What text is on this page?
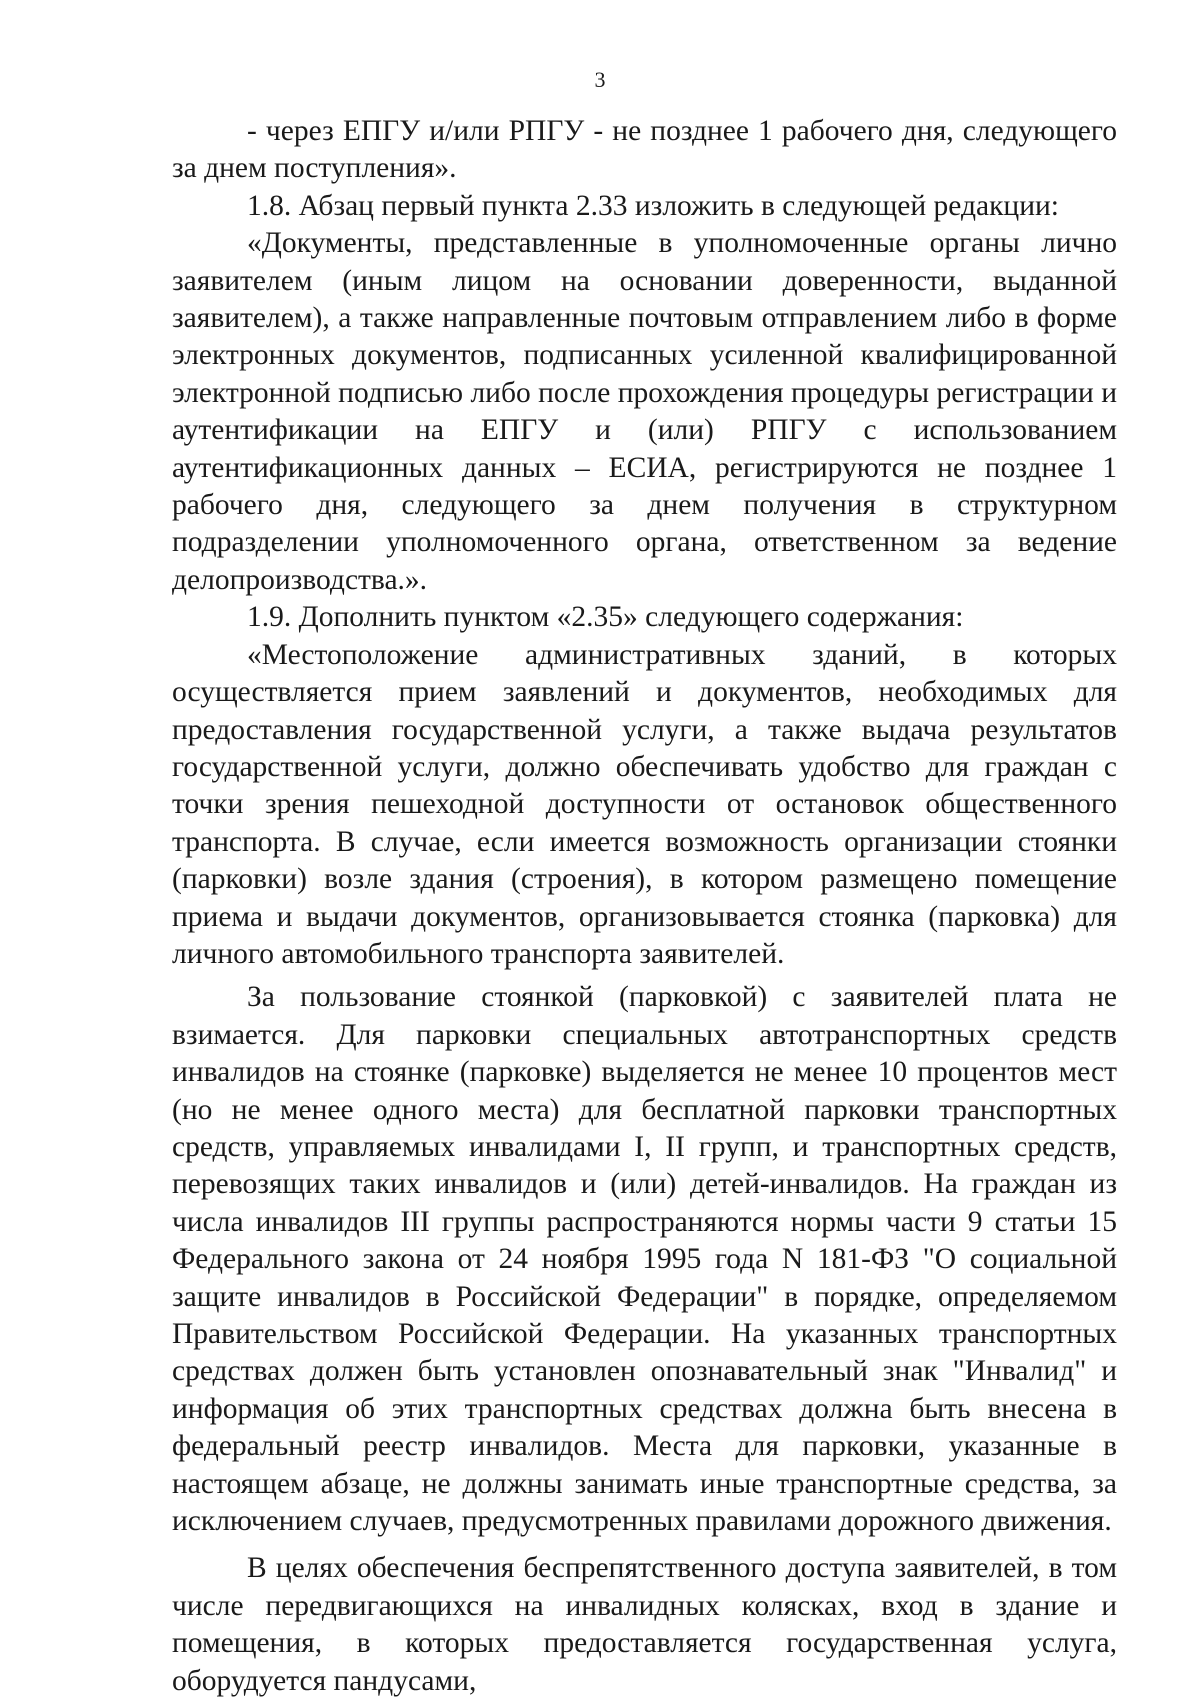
3

- через ЕПГУ и/или РПГУ - не позднее 1 рабочего дня, следующего за днем поступления».

1.8. Абзац первый пункта 2.33 изложить в следующей редакции:

«Документы, представленные в уполномоченные органы лично заявителем (иным лицом на основании доверенности, выданной заявителем), а также направленные почтовым отправлением либо в форме электронных документов, подписанных усиленной квалифицированной электронной подписью либо после прохождения процедуры регистрации и аутентификации на ЕПГУ и (или) РПГУ с использованием аутентификационных данных – ЕСИА, регистрируются не позднее 1 рабочего дня, следующего за днем получения в структурном подразделении уполномоченного органа, ответственном за ведение делопроизводства.».

1.9. Дополнить пунктом «2.35» следующего содержания:

«Местоположение административных зданий, в которых осуществляется прием заявлений и документов, необходимых для предоставления государственной услуги, а также выдача результатов государственной услуги, должно обеспечивать удобство для граждан с точки зрения пешеходной доступности от остановок общественного транспорта. В случае, если имеется возможность организации стоянки (парковки) возле здания (строения), в котором размещено помещение приема и выдачи документов, организовывается стоянка (парковка) для личного автомобильного транспорта заявителей.

За пользование стоянкой (парковкой) с заявителей плата не взимается. Для парковки специальных автотранспортных средств инвалидов на стоянке (парковке) выделяется не менее 10 процентов мест (но не менее одного места) для бесплатной парковки транспортных средств, управляемых инвалидами I, II групп, и транспортных средств, перевозящих таких инвалидов и (или) детей-инвалидов. На граждан из числа инвалидов III группы распространяются нормы части 9 статьи 15 Федерального закона от 24 ноября 1995 года N 181-ФЗ "О социальной защите инвалидов в Российской Федерации" в порядке, определяемом Правительством Российской Федерации. На указанных транспортных средствах должен быть установлен опознавательный знак "Инвалид" и информация об этих транспортных средствах должна быть внесена в федеральный реестр инвалидов. Места для парковки, указанные в настоящем абзаце, не должны занимать иные транспортные средства, за исключением случаев, предусмотренных правилами дорожного движения.

В целях обеспечения беспрепятственного доступа заявителей, в том числе передвигающихся на инвалидных колясках, вход в здание и помещения, в которых предоставляется государственная услуга, оборудуется пандусами,
